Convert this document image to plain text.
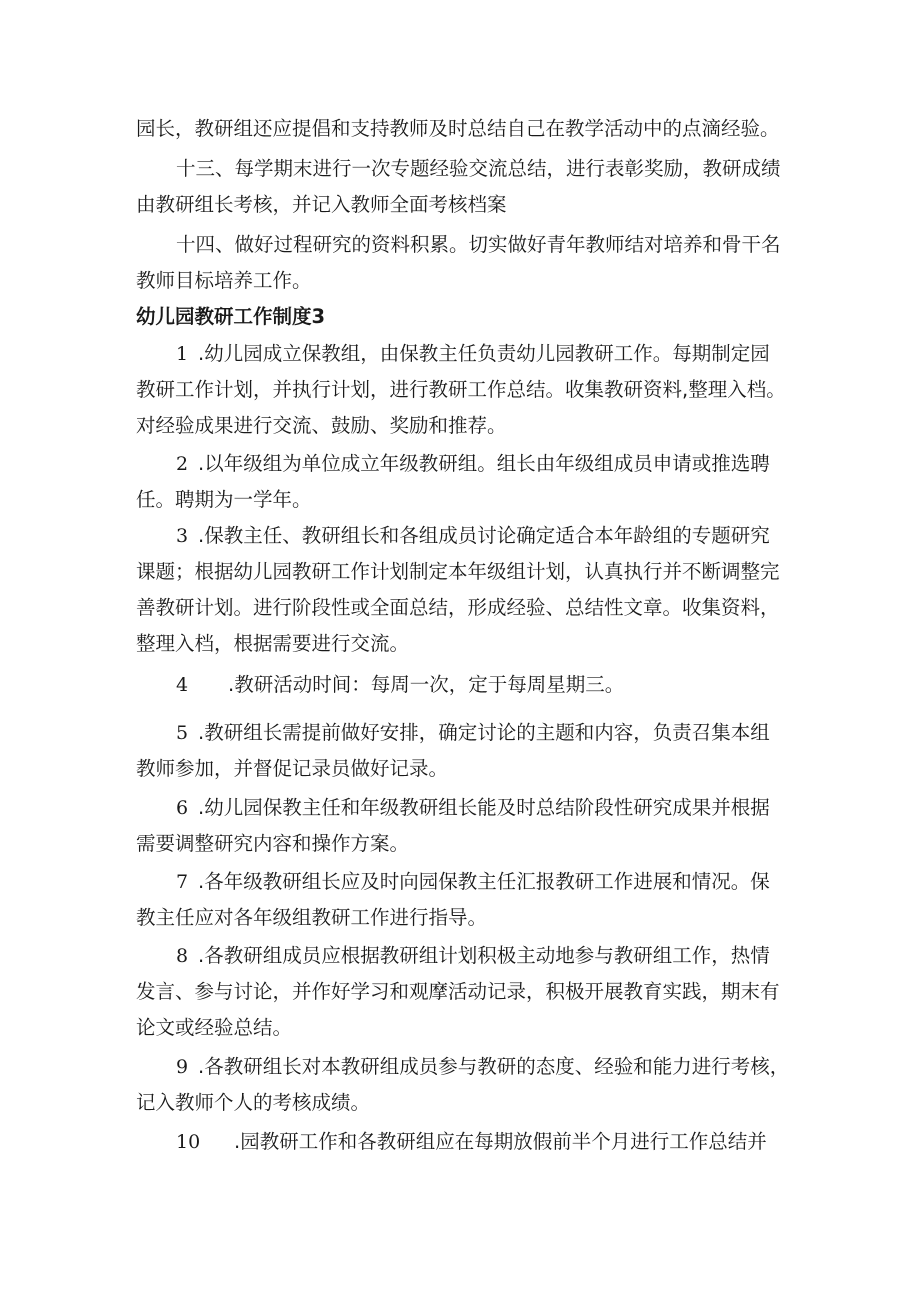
园长，教研组还应提倡和支持教师及时总结自己在教学活动中的点滴经验。
十三、每学期末进行一次专题经验交流总结，进行表彰奖励，教研成绩
由教研组长考核，并记入教师全面考核档案
十四、做好过程研究的资料积累。切实做好青年教师结对培养和骨干名
教师目标培养工作。
幼儿园教研工作制度3
1 .幼儿园成立保教组，由保教主任负责幼儿园教研工作。每期制定园
教研工作计划，并执行计划，进行教研工作总结。收集教研资料,整理入档。
对经验成果进行交流、鼓励、奖励和推荐。
2 .以年级组为单位成立年级教研组。组长由年级组成员申请或推选聘
任。聘期为一学年。
3 .保教主任、教研组长和各组成员讨论确定适合本年龄组的专题研究
课题；根据幼儿园教研工作计划制定本年级组计划，认真执行并不断调整完
善教研计划。进行阶段性或全面总结，形成经验、总结性文章。收集资料，
整理入档，根据需要进行交流。
4 .教研活动时间：每周一次，定于每周星期三。
5 .教研组长需提前做好安排，确定讨论的主题和内容，负责召集本组
教师参加，并督促记录员做好记录。
6 .幼儿园保教主任和年级教研组长能及时总结阶段性研究成果并根据
需要调整研究内容和操作方案。
7 .各年级教研组长应及时向园保教主任汇报教研工作进展和情况。保
教主任应对各年级组教研工作进行指导。
8 .各教研组成员应根据教研组计划积极主动地参与教研组工作，热情
发言、参与讨论，并作好学习和观摩活动记录，积极开展教育实践，期末有
论文或经验总结。
9 .各教研组长对本教研组成员参与教研的态度、经验和能力进行考核，
记入教师个人的考核成绩。
10 .园教研工作和各教研组应在每期放假前半个月进行工作总结并
